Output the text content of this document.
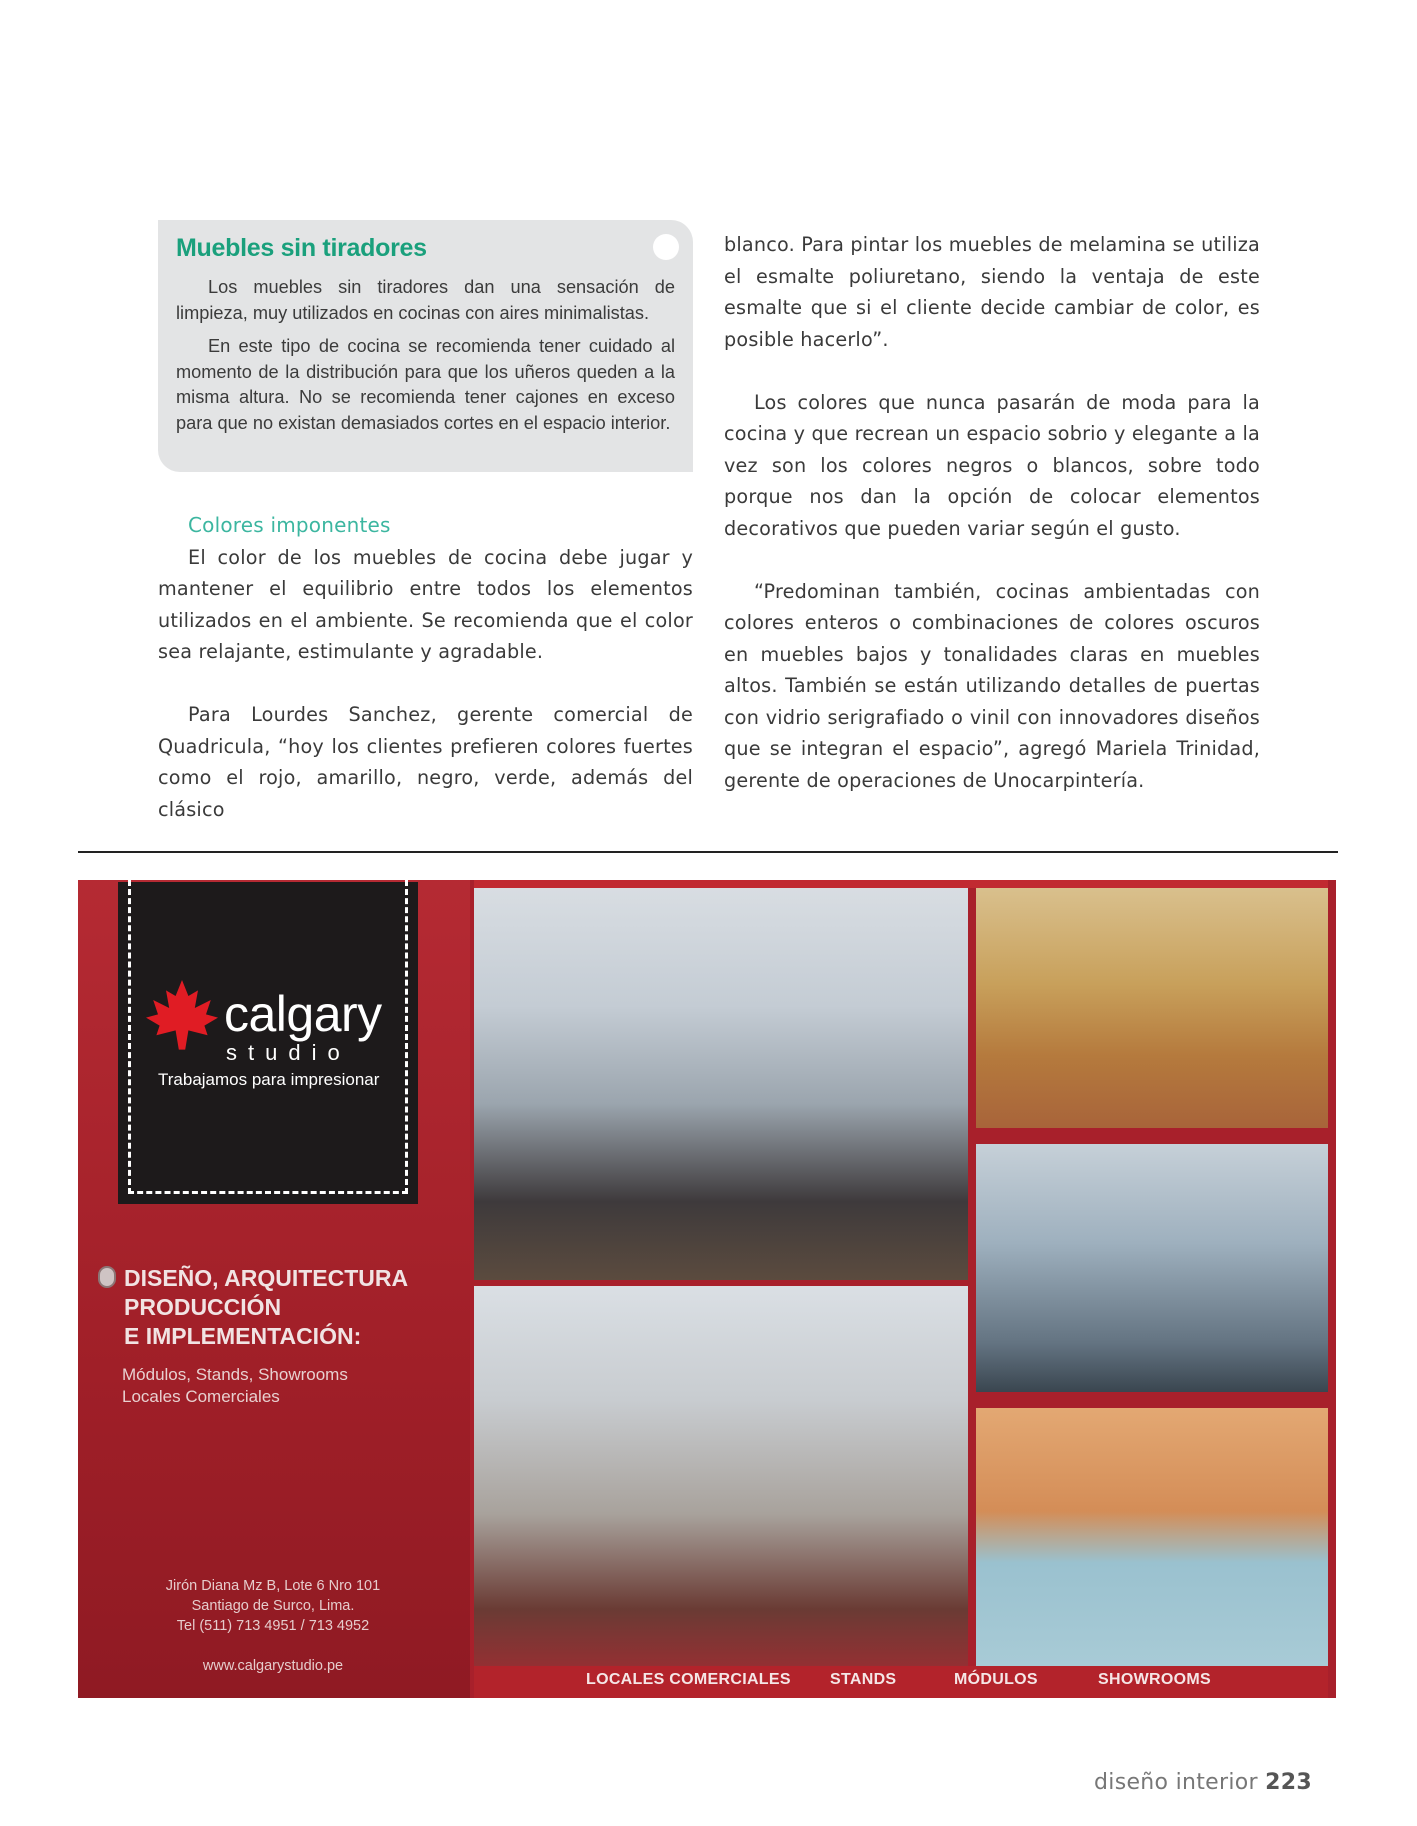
Muebles sin tiradores

Los muebles sin tiradores dan una sensación de limpieza, muy utilizados en cocinas con aires minimalistas.

En este tipo de cocina se recomienda tener cuidado al momento de la distribución para que los uñeros queden a la misma altura. No se recomienda tener cajones en exceso para que no existan demasiados cortes en el espacio interior.

Colores imponentes

El color de los muebles de cocina debe jugar y mantener el equilibrio entre todos los elementos utilizados en el ambiente. Se recomienda que el color sea relajante, estimulante y agradable.

Para Lourdes Sanchez, gerente comercial de Quadricula, “hoy los clientes prefieren colores fuertes como el rojo, amarillo, negro, verde, además del clásico

blanco. Para pintar los muebles de melamina se utiliza el esmalte poliuretano, siendo la ventaja de este esmalte que si el cliente decide cambiar de color, es posible hacerlo”.

Los colores que nunca pasarán de moda para la cocina y que recrean un espacio sobrio y elegante a la vez son los colores negros o blancos, sobre todo porque nos dan la opción de colocar elementos decorativos que pueden variar según el gusto.

“Predominan también, cocinas ambientadas con colores enteros o combinaciones de colores oscuros en muebles bajos y tonalidades claras en muebles altos. También se están utilizando detalles de puertas con vidrio serigrafiado o vinil con innovadores diseños que se integran el espacio”, agregó Mariela Trinidad, gerente de operaciones de Unocarpintería.

calgary
studio
Trabajamos para impresionar
DISEÑO, ARQUITECTURA
PRODUCCIÓN
E IMPLEMENTACIÓN:
Módulos, Stands, Showrooms
Locales Comerciales
Jirón Diana Mz B, Lote 6 Nro 101
Santiago de Surco, Lima.
Tel (511) 713 4951 / 713 4952
www.calgarystudio.pe
LOCALES COMERCIALES STANDS	MÓDULOS	SHOWROOMS
diseño interior 223
